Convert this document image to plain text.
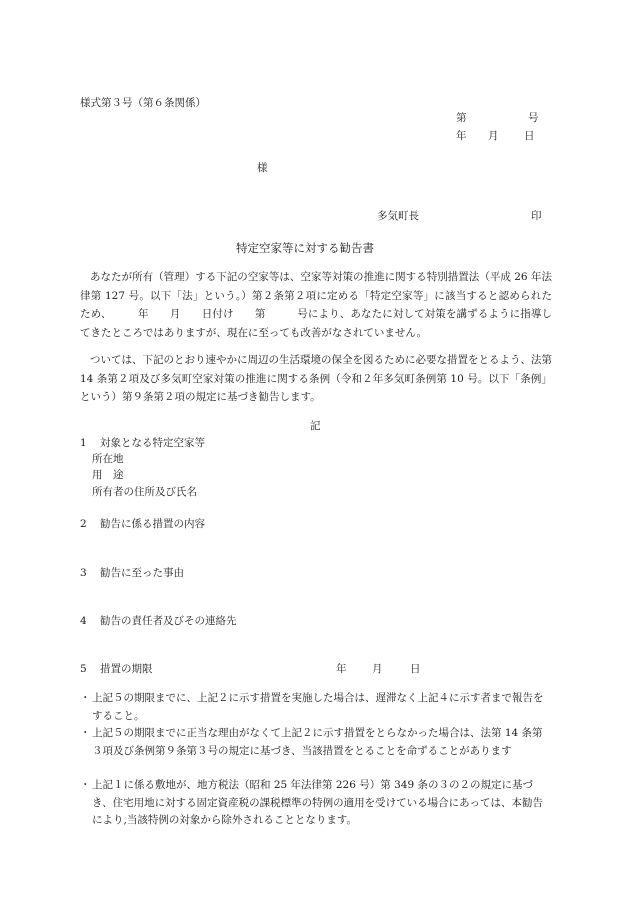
様式第３号（第６条関係）
第	号
年 月 日
様
多気町長	印
特定空家等に対する勧告書
あなたが所有（管理）する下記の空家等は、空家等対策の推進に関する特別措置法（平成 26 年法律第 127 号。以下「法」という。）第２条第２項に定める「特定空家等」に該当すると認められたため、　　　年　　月　　日付け　　第　　　号により、あなたに対して対策を講ずるように指導してきたところではありますが、現在に至っても改善がなされていません。
ついては、下記のとおり速やかに周辺の生活環境の保全を図るために必要な措置をとるよう、法第 14 条第２項及び多気町空家対策の推進に関する条例（令和２年多気町条例第 10 号。以下「条例」という）第９条第２項の規定に基づき勧告します。
記
1 対象となる特定空家等
所在地
用　途
所有者の住所及び氏名
2 勧告に係る措置の内容
3 勧告に至った事由
4 勧告の責任者及びその連絡先
5 措置の期限	年 月	日
・ 上記５の期限までに、上記２に示す措置を実施した場合は、遅滞なく上記４に示す者まで報告をすること。
・ 上記５の期限までに正当な理由がなくて上記２に示す措置をとらなかった場合は、法第 14 条第３項及び条例第９条第３号の規定に基づき、当該措置をとることを命ずることがあります
・ 上記１に係る敷地が、地方税法（昭和 25 年法律第 226 号）第 349 条の３の２の規定に基づき、住宅用地に対する固定資産税の課税標準の特例の適用を受けている場合にあっては、本勧告により,当該特例の対象から除外されることとなります。
